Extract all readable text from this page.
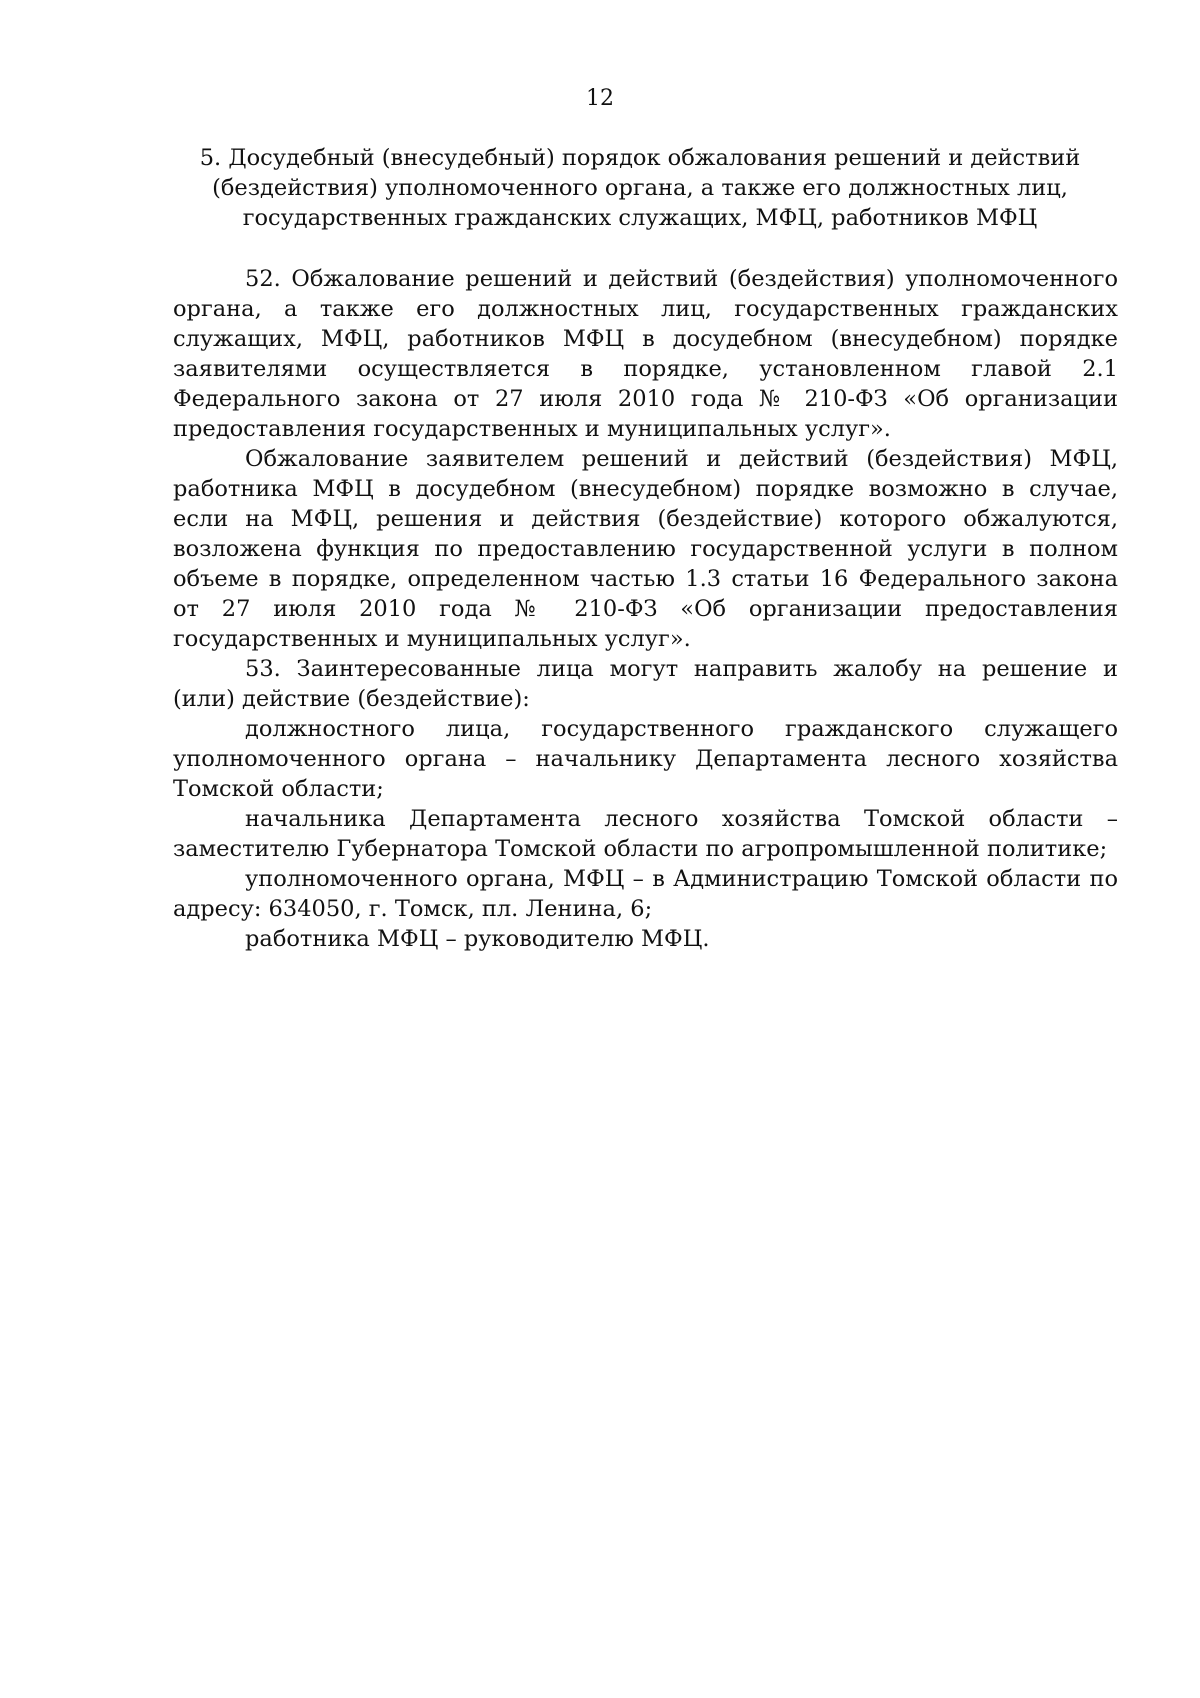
12
5. Досудебный (внесудебный) порядок обжалования решений и действий
(бездействия) уполномоченного органа, а также его должностных лиц,
государственных гражданских служащих, МФЦ, работников МФЦ

52. Обжалование решений и действий (бездействия) уполномоченного органа, а также его должностных лиц, государственных гражданских служащих, МФЦ, работников МФЦ в досудебном (внесудебном) порядке заявителями осуществляется в порядке, установленном главой 2.1 Федерального закона от 27 июля 2010 года № 210-ФЗ «Об организации предоставления государственных и муниципальных услуг».

Обжалование заявителем решений и действий (бездействия) МФЦ, работника МФЦ в досудебном (внесудебном) порядке возможно в случае, если на МФЦ, решения и действия (бездействие) которого обжалуются, возложена функция по предоставлению государственной услуги в полном объеме в порядке, определенном частью 1.3 статьи 16 Федерального закона от 27 июля 2010 года № 210-ФЗ «Об организации предоставления государственных и муниципальных услуг».

53. Заинтересованные лица могут направить жалобу на решение и (или) действие (бездействие):

должностного лица, государственного гражданского служащего уполномоченного органа – начальнику Департамента лесного хозяйства Томской области;

начальника Департамента лесного хозяйства Томской области – заместителю Губернатора Томской области по агропромышленной политике;

уполномоченного органа, МФЦ – в Администрацию Томской области по адресу: 634050, г. Томск, пл. Ленина, 6;

работника МФЦ – руководителю МФЦ.
